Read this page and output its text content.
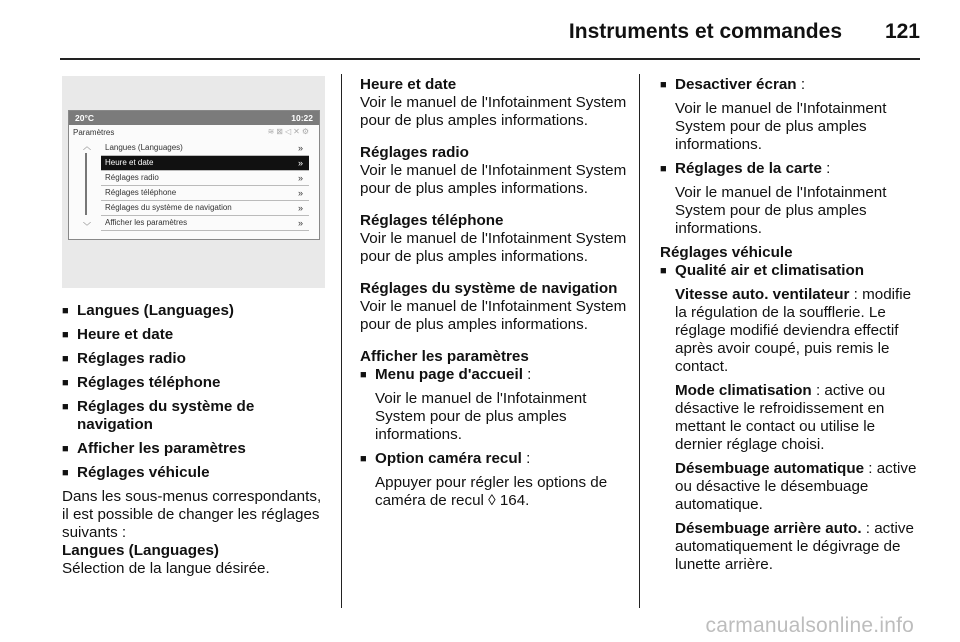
Instruments et commandes 121
20°C	10:22
Paramètres	≋⊠◁✕⚙
︿
﹀
Langues (Languages)	»
Heure et date	»
Réglages radio	»
Réglages téléphone	»
Réglages du système de navigation	»
Afficher les paramètres	»
■ Langues (Languages)
■ Heure et date
■ Réglages radio
■ Réglages téléphone
■ Réglages du système de navigation
■ Afficher les paramètres
■ Réglages véhicule

Dans les sous-menus correspondants, il est possible de changer les réglages suivants :

Langues (Languages)

Sélection de la langue désirée.

Heure et date

Voir le manuel de l'Infotainment System pour de plus amples informations.

Réglages radio

Voir le manuel de l'Infotainment System pour de plus amples informations.

Réglages téléphone

Voir le manuel de l'Infotainment System pour de plus amples informations.

Réglages du système de navigation

Voir le manuel de l'Infotainment System pour de plus amples informations.

Afficher les paramètres

■ Menu page d'accueil :
Voir le manuel de l'Infotainment System pour de plus amples informations.
■ Option caméra recul :
Appuyer pour régler les options de caméra de recul ◊ 164.
■ Desactiver écran :
Voir le manuel de l'Infotainment System pour de plus amples informations.
■ Réglages de la carte :
Voir le manuel de l'Infotainment System pour de plus amples informations.

Réglages véhicule

■ Qualité air et climatisation
Vitesse auto. ventilateur : modifie la régulation de la soufflerie. Le réglage modifié deviendra effectif après avoir coupé, puis remis le contact.
Mode climatisation : active ou désactive le refroidissement en mettant le contact ou utilise le dernier réglage choisi.
Désembuage automatique : active ou désactive le désembuage automatique.
Désembuage arrière auto. : active automatiquement le dégivrage de lunette arrière.
carmanualsonline.info
